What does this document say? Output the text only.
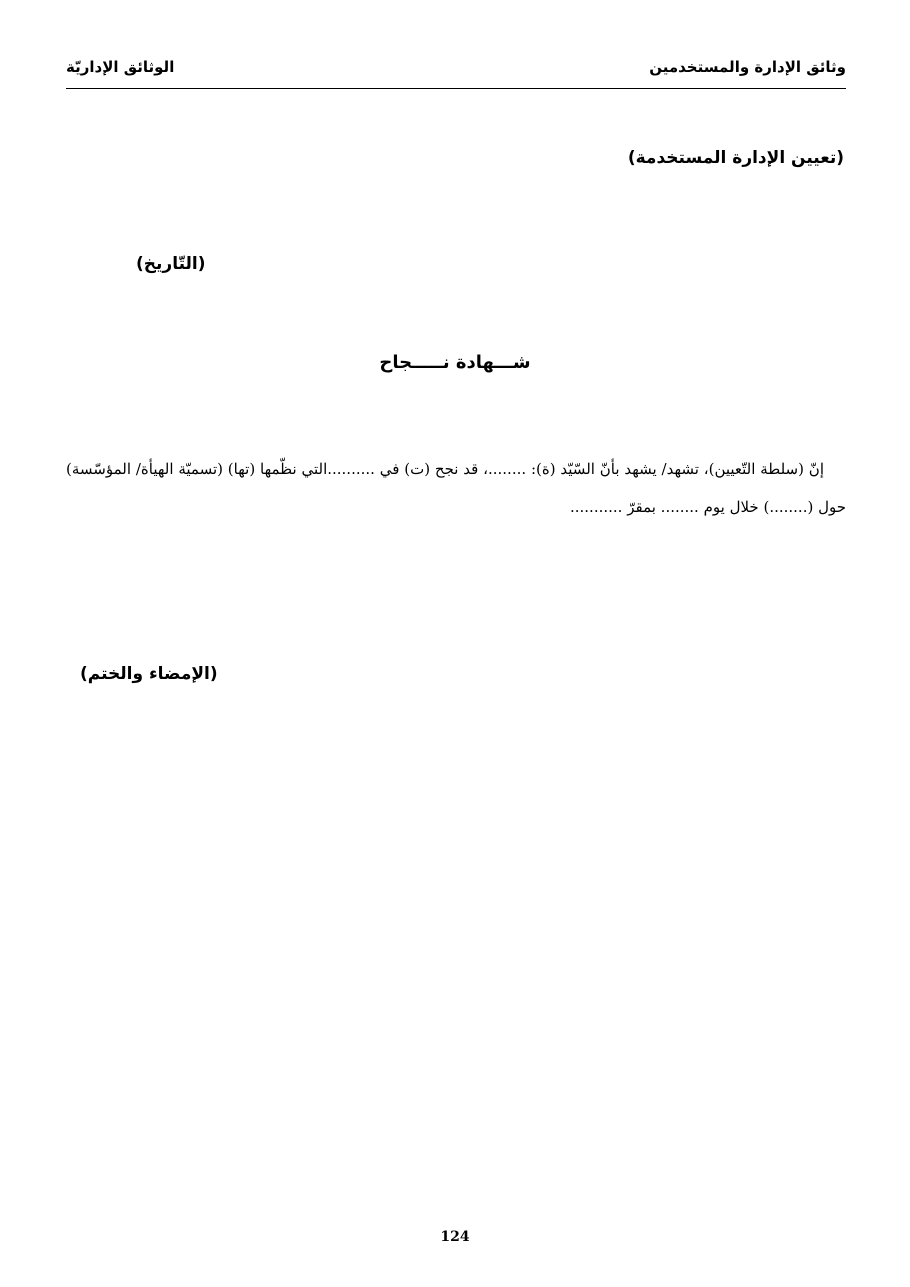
وثائق الإدارة والمستخدمين
الوثائق الإداريّة
(تعيين الإدارة المستخدمة)
(التّاريخ)
شـــهادة نـــــجاح

إنّ (سلطة التّعيين)، تشهد/ يشهد بأنّ السّيّد (ة): ........، قد نجح (ت) في ..........التي نظّمها (تها) (تسميّة الهيأة/ المؤسّسة) حول (........) خلال يوم ........ بمقرّ ...........

(الإمضاء والختم)
124
